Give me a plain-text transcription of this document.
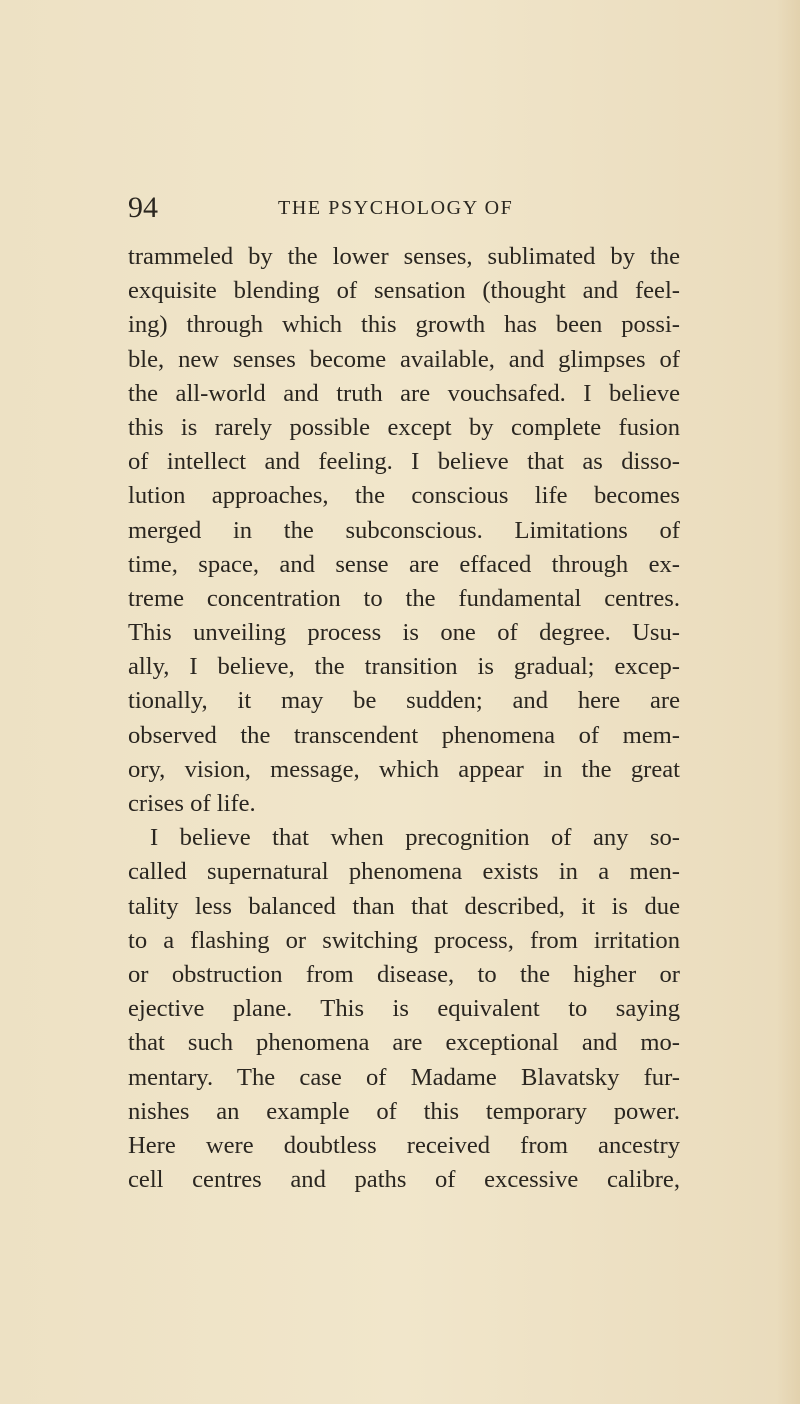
94	THE PSYCHOLOGY OF
trammeled by the lower senses, sublimated by the
exquisite blending of sensation (thought and feel-
ing) through which this growth has been possi-
ble, new senses become available, and glimpses of
the all-world and truth are vouchsafed. I believe
this is rarely possible except by complete fusion
of intellect and feeling. I believe that as disso-
lution approaches, the conscious life becomes
merged in the subconscious. Limitations of
time, space, and sense are effaced through ex-
treme concentration to the fundamental centres.
This unveiling process is one of degree. Usu-
ally, I believe, the transition is gradual; excep-
tionally, it may be sudden; and here are
observed the transcendent phenomena of mem-
ory, vision, message, which appear in the great
crises of life.
I believe that when precognition of any so-
called supernatural phenomena exists in a men-
tality less balanced than that described, it is due
to a flashing or switching process, from irritation
or obstruction from disease, to the higher or
ejective plane. This is equivalent to saying
that such phenomena are exceptional and mo-
mentary. The case of Madame Blavatsky fur-
nishes an example of this temporary power.
Here were doubtless received from ancestry
cell centres and paths of excessive calibre,
